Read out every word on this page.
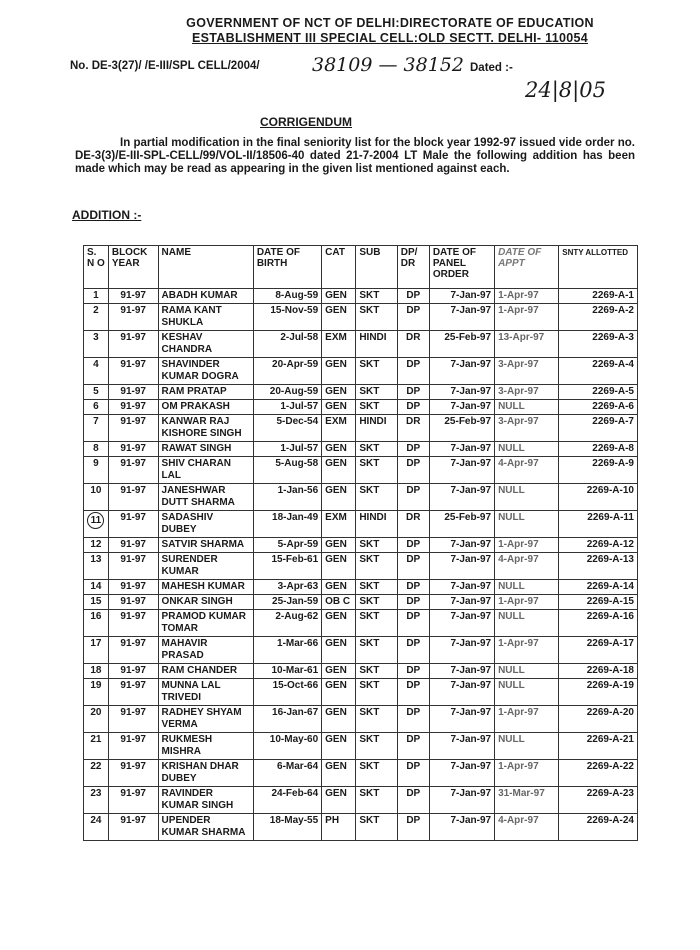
GOVERNMENT OF NCT OF DELHI:DIRECTORATE OF EDUCATION
ESTABLISHMENT III SPECIAL CELL:OLD SECTT. DELHI- 110054
No. DE-3(27)/ /E-III/SPL CELL/2004/	38109 — 38152 Dated :-
24|8|05
CORRIGENDUM
In partial modification in the final seniority list for the block year 1992-97 issued vide order no. DE-3(3)/E-III-SPL-CELL/99/VOL-II/18506-40 dated 21-7-2004 LT Male the following addition has been made which may be read as appearing in the given list mentioned against each.
ADDITION :-
S. N O	BLOCK YEAR	NAME	DATE OF BIRTH	CAT	SUB	DP/ DR	DATE OF PANEL ORDER	DATE OF APPT	SNTY ALLOTTED
1	91-97	ABADH KUMAR	8-Aug-59	GEN	SKT	DP	7-Jan-97	1-Apr-97	2269-A-1
2	91-97	RAMA KANT SHUKLA	15-Nov-59	GEN	SKT	DP	7-Jan-97	1-Apr-97	2269-A-2
3	91-97	KESHAV CHANDRA	2-Jul-58	EXM	HINDI	DR	25-Feb-97	13-Apr-97	2269-A-3
4	91-97	SHAVINDER KUMAR DOGRA	20-Apr-59	GEN	SKT	DP	7-Jan-97	3-Apr-97	2269-A-4
5	91-97	RAM PRATAP	20-Aug-59	GEN	SKT	DP	7-Jan-97	3-Apr-97	2269-A-5
6	91-97	OM PRAKASH	1-Jul-57	GEN	SKT	DP	7-Jan-97	NULL	2269-A-6
7	91-97	KANWAR RAJ KISHORE SINGH	5-Dec-54	EXM	HINDI	DR	25-Feb-97	3-Apr-97	2269-A-7
8	91-97	RAWAT SINGH	1-Jul-57	GEN	SKT	DP	7-Jan-97	NULL	2269-A-8
9	91-97	SHIV CHARAN LAL	5-Aug-58	GEN	SKT	DP	7-Jan-97	4-Apr-97	2269-A-9
10	91-97	JANESHWAR DUTT SHARMA	1-Jan-56	GEN	SKT	DP	7-Jan-97	NULL	2269-A-10
11	91-97	SADASHIV DUBEY	18-Jan-49	EXM	HINDI	DR	25-Feb-97	NULL	2269-A-11
12	91-97	SATVIR SHARMA	5-Apr-59	GEN	SKT	DP	7-Jan-97	1-Apr-97	2269-A-12
13	91-97	SURENDER KUMAR	15-Feb-61	GEN	SKT	DP	7-Jan-97	4-Apr-97	2269-A-13
14	91-97	MAHESH KUMAR	3-Apr-63	GEN	SKT	DP	7-Jan-97	NULL	2269-A-14
15	91-97	ONKAR SINGH	25-Jan-59	OB C	SKT	DP	7-Jan-97	1-Apr-97	2269-A-15
16	91-97	PRAMOD KUMAR TOMAR	2-Aug-62	GEN	SKT	DP	7-Jan-97	NULL	2269-A-16
17	91-97	MAHAVIR PRASAD	1-Mar-66	GEN	SKT	DP	7-Jan-97	1-Apr-97	2269-A-17
18	91-97	RAM CHANDER	10-Mar-61	GEN	SKT	DP	7-Jan-97	NULL	2269-A-18
19	91-97	MUNNA LAL TRIVEDI	15-Oct-66	GEN	SKT	DP	7-Jan-97	NULL	2269-A-19
20	91-97	RADHEY SHYAM VERMA	16-Jan-67	GEN	SKT	DP	7-Jan-97	1-Apr-97	2269-A-20
21	91-97	RUKMESH MISHRA	10-May-60	GEN	SKT	DP	7-Jan-97	NULL	2269-A-21
22	91-97	KRISHAN DHAR DUBEY	6-Mar-64	GEN	SKT	DP	7-Jan-97	1-Apr-97	2269-A-22
23	91-97	RAVINDER KUMAR SINGH	24-Feb-64	GEN	SKT	DP	7-Jan-97	31-Mar-97	2269-A-23
24	91-97	UPENDER KUMAR SHARMA	18-May-55	PH	SKT	DP	7-Jan-97	4-Apr-97	2269-A-24
